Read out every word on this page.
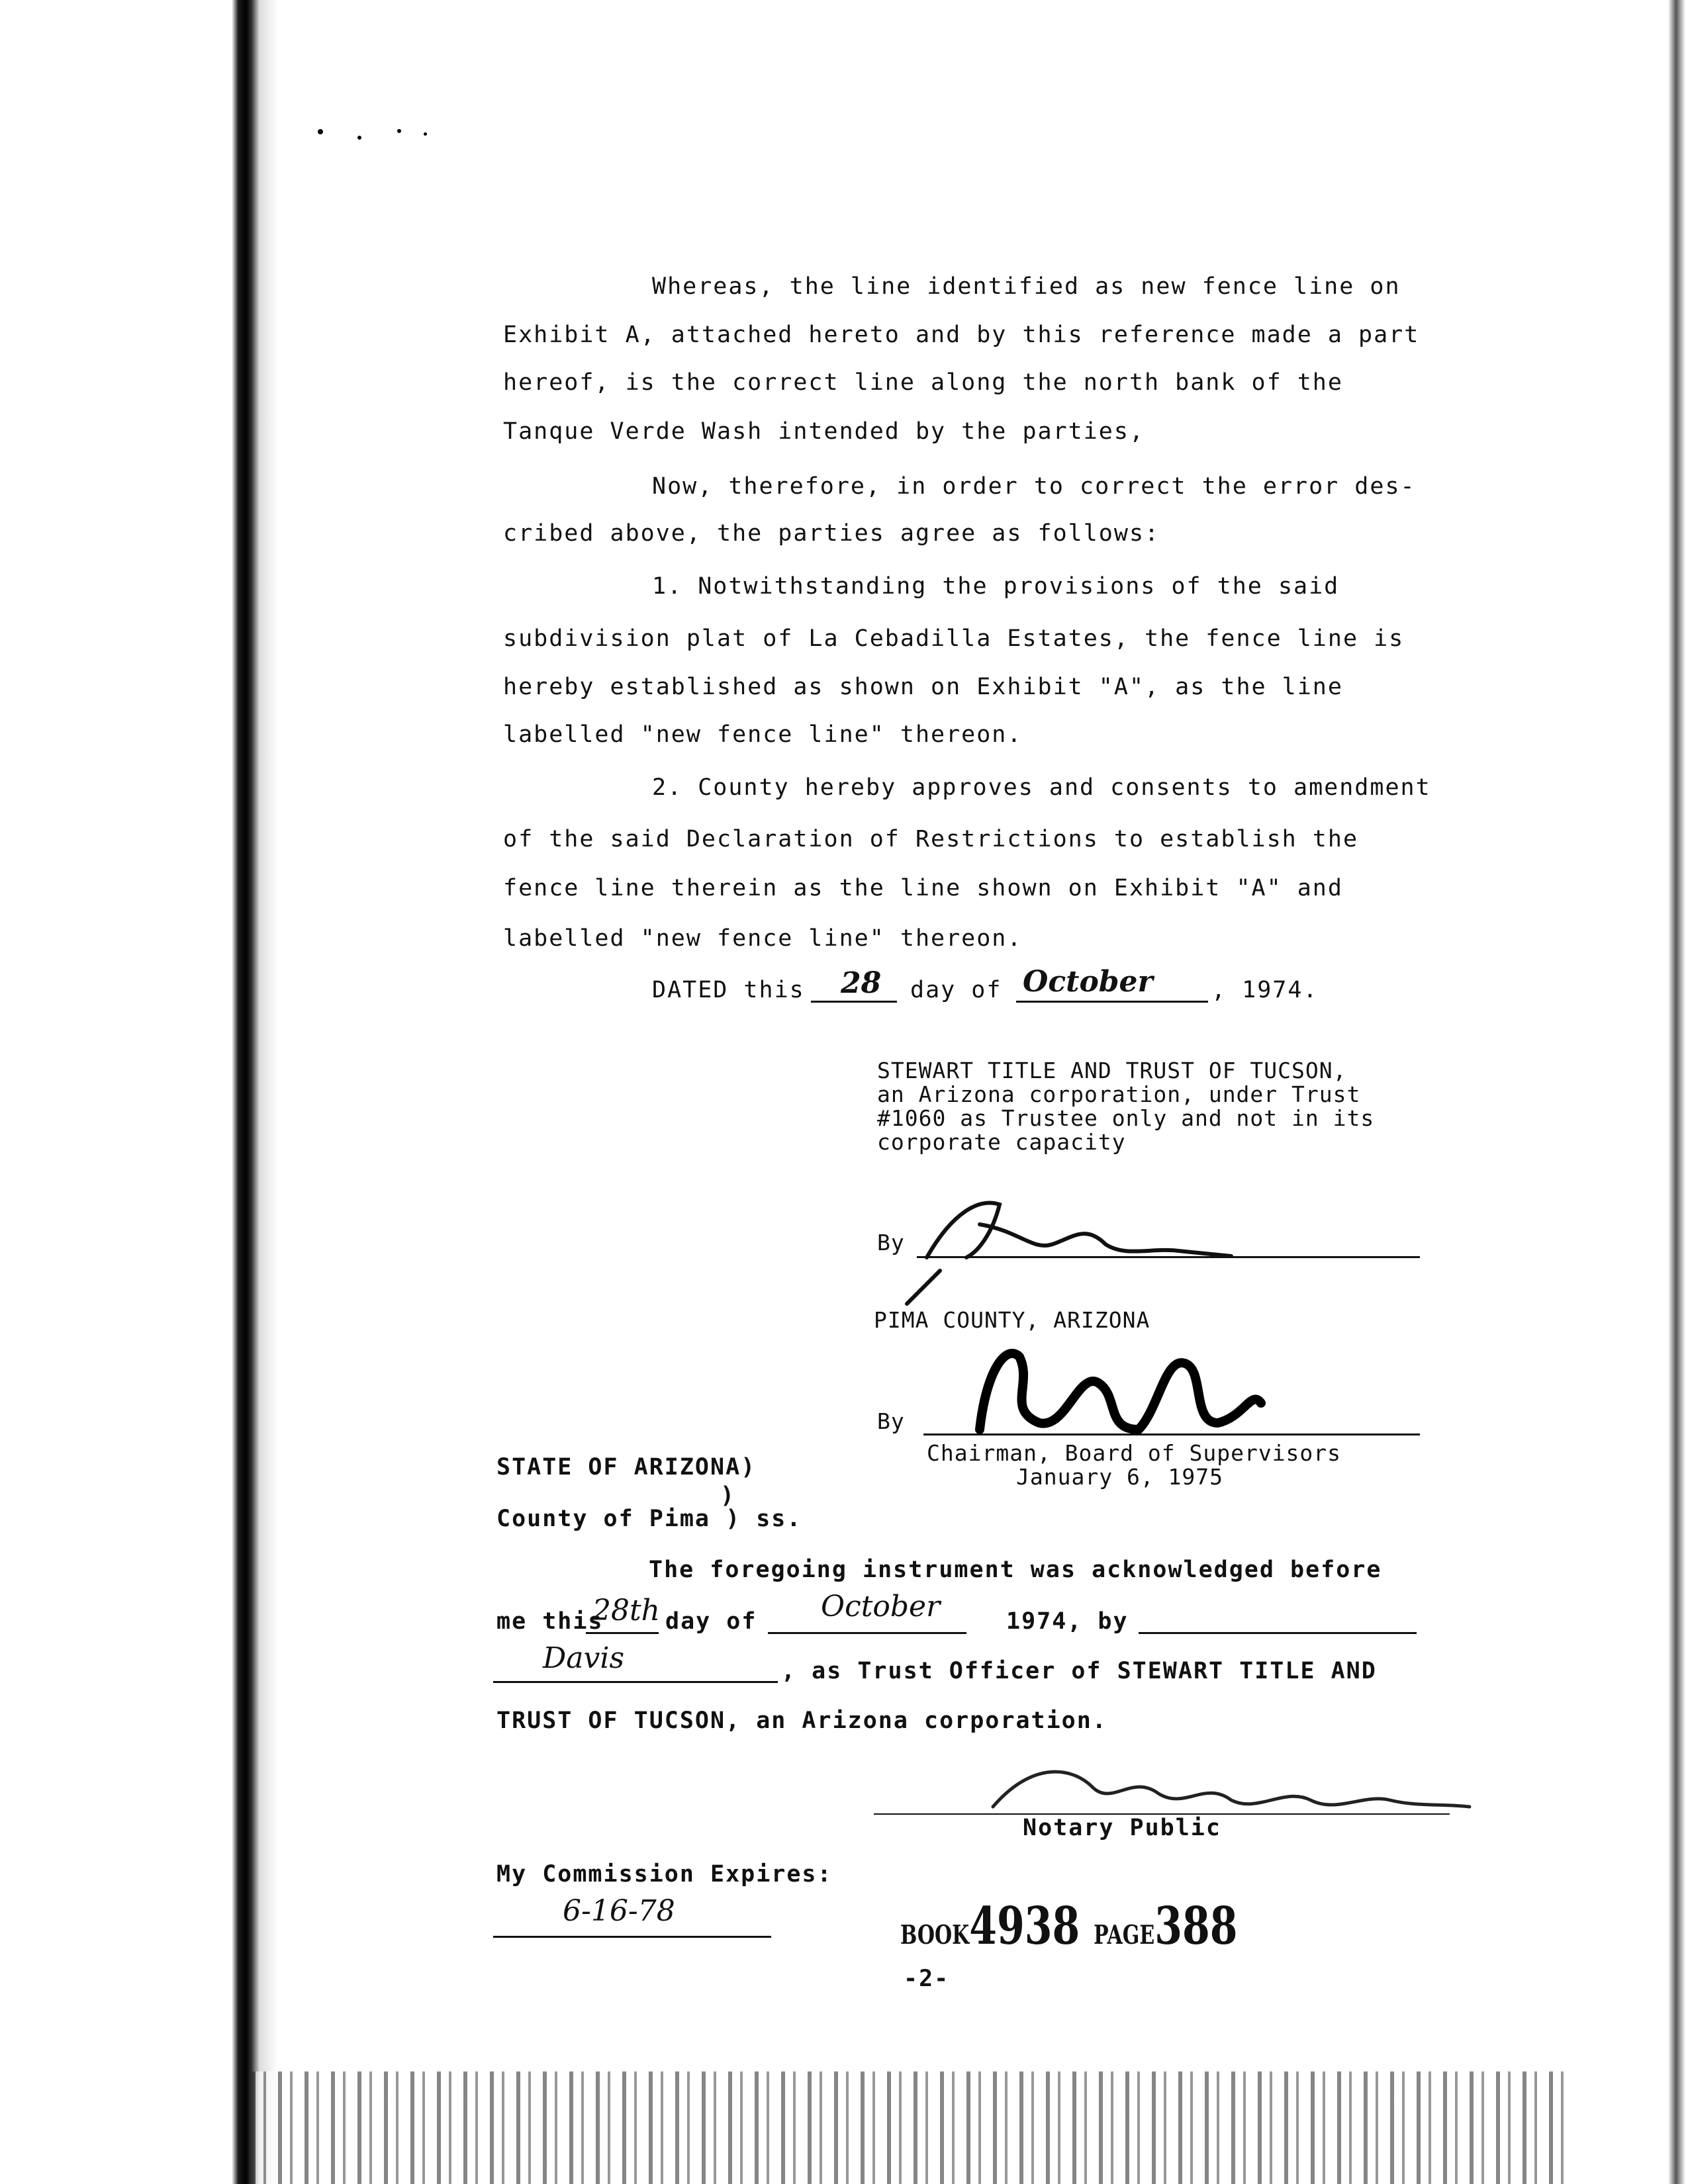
Whereas, the line identified as new fence line on
Exhibit A, attached hereto and by this reference made a part
hereof, is the correct line along the north bank of the
Tanque Verde Wash intended by the parties,
Now, therefore, in order to correct the error des-
cribed above, the parties agree as follows:
1. Notwithstanding the provisions of the said
subdivision plat of La Cebadilla Estates, the fence line is
hereby established as shown on Exhibit "A", as the line
labelled "new fence line" thereon.
2. County hereby approves and consents to amendment
of the said Declaration of Restrictions to establish the
fence line therein as the line shown on Exhibit "A" and
labelled "new fence line" thereon.
DATED this 28 day of October	, 1974.
STEWART TITLE AND TRUST OF TUCSON,
an Arizona corporation, under Trust
#1060 as Trustee only and not in its
corporate capacity
By
PIMA COUNTY, ARIZONA
By
Chairman, Board of Supervisors
January 6, 1975
STATE OF ARIZONA)
)
County of Pima ) ss.
The foregoing instrument was acknowledged before
me this
28th day of October	1974, by
Davis	, as Trust Officer of STEWART TITLE AND
TRUST OF TUCSON, an Arizona corporation.
Notary Public
My Commission Expires:
6-16-78
BOOK4938 PAGE388
-2-
